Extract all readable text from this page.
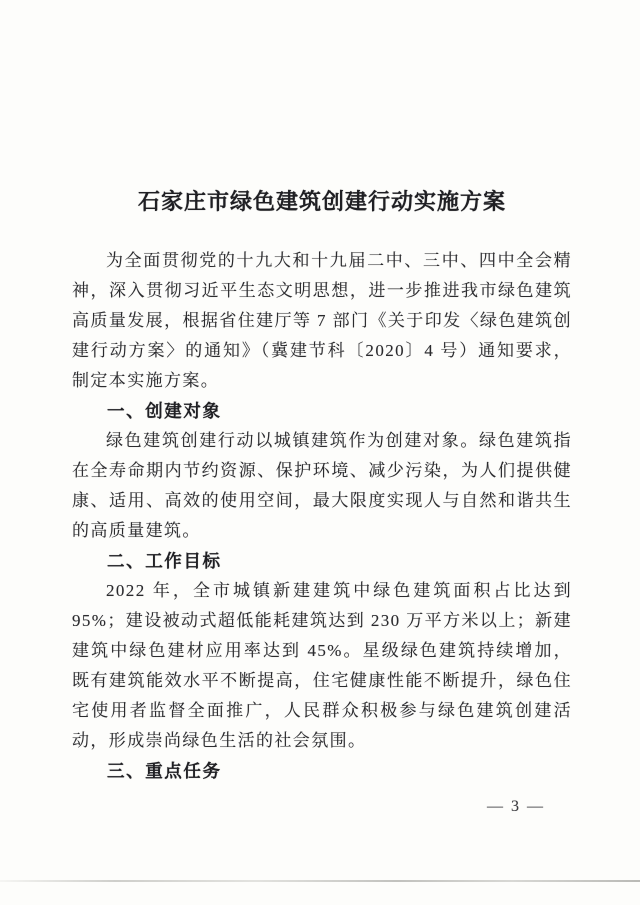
石家庄市绿色建筑创建行动实施方案

为全面贯彻党的十九大和十九届二中、三中、四中全会精神，深入贯彻习近平生态文明思想，进一步推进我市绿色建筑高质量发展，根据省住建厅等 7 部门《关于印发〈绿色建筑创建行动方案〉的通知》（冀建节科〔2020〕4 号）通知要求，制定本实施方案。

一、创建对象

绿色建筑创建行动以城镇建筑作为创建对象。绿色建筑指在全寿命期内节约资源、保护环境、减少污染，为人们提供健康、适用、高效的使用空间，最大限度实现人与自然和谐共生的高质量建筑。

二、工作目标

2022 年，全市城镇新建建筑中绿色建筑面积占比达到 95%；建设被动式超低能耗建筑达到 230 万平方米以上；新建建筑中绿色建材应用率达到 45%。星级绿色建筑持续增加，既有建筑能效水平不断提高，住宅健康性能不断提升，绿色住宅使用者监督全面推广，人民群众积极参与绿色建筑创建活动，形成崇尚绿色生活的社会氛围。

三、重点任务
— 3 —
